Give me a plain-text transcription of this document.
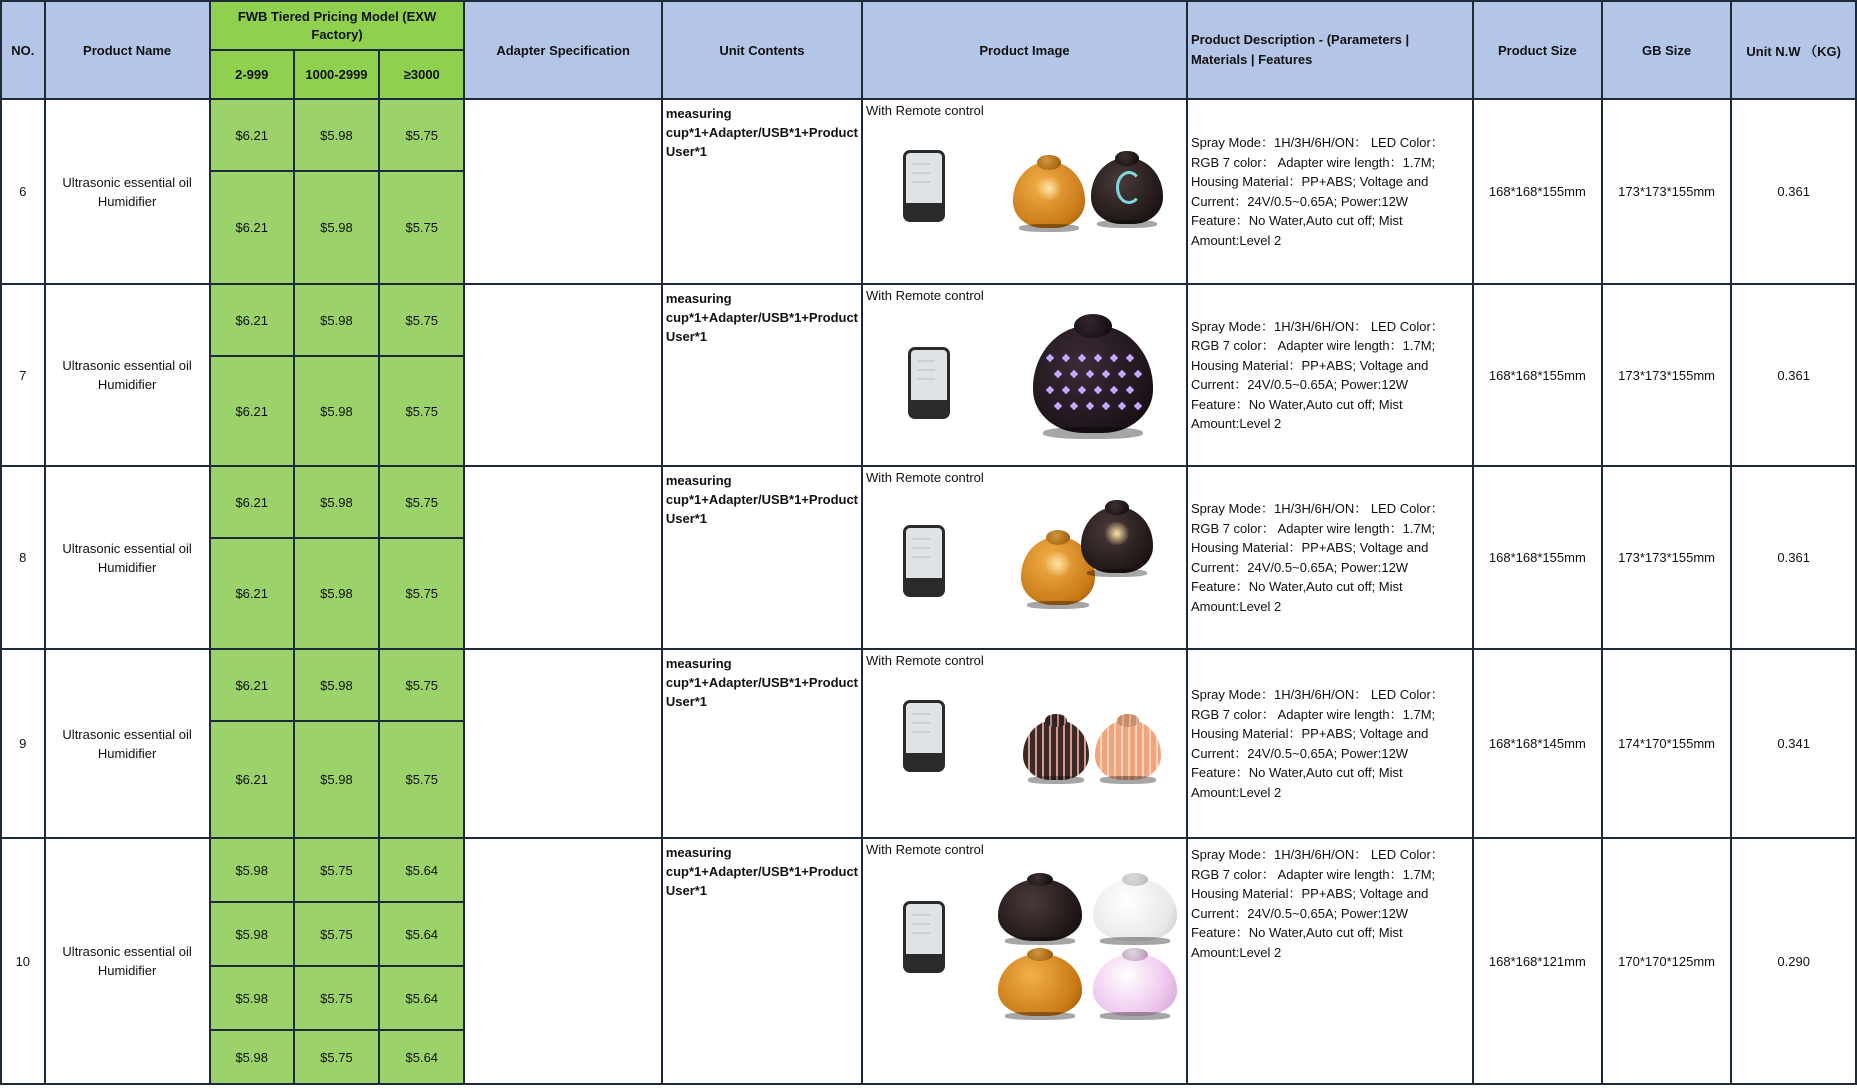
NO.	Product Name	FWB Tiered Pricing Model (EXW Factory)			Adapter Specification	Unit Contents	Product Image	Product Description - (Parameters | Materials | Features	Product Size	GB Size	Unit N.W （KG)
		2-999	1000-2999	≥3000							
6	Ultrasonic essential oil Humidifier	$6.21	$5.98	$5.75		measuring cup*1+Adapter/USB*1+Product User*1	With Remote control	Spray Mode：1H/3H/6H/ON： LED Color：RGB 7 color： Adapter wire length：1.7M; Housing Material：PP+ABS; Voltage and Current：24V/0.5~0.65A; Power:12W Feature：No Water,Auto cut off; Mist Amount:Level 2	168*168*155mm	173*173*155mm	0.361
		$6.21	$5.98	$5.75							
7	Ultrasonic essential oil Humidifier	$6.21	$5.98	$5.75		measuring cup*1+Adapter/USB*1+Product User*1	With Remote control	Spray Mode：1H/3H/6H/ON： LED Color：RGB 7 color： Adapter wire length：1.7M; Housing Material：PP+ABS; Voltage and Current：24V/0.5~0.65A; Power:12W Feature：No Water,Auto cut off; Mist Amount:Level 2	168*168*155mm	173*173*155mm	0.361
		$6.21	$5.98	$5.75							
8	Ultrasonic essential oil Humidifier	$6.21	$5.98	$5.75		measuring cup*1+Adapter/USB*1+Product User*1	With Remote control	Spray Mode：1H/3H/6H/ON： LED Color：RGB 7 color： Adapter wire length：1.7M; Housing Material：PP+ABS; Voltage and Current：24V/0.5~0.65A; Power:12W Feature：No Water,Auto cut off; Mist Amount:Level 2	168*168*155mm	173*173*155mm	0.361
		$6.21	$5.98	$5.75							
9	Ultrasonic essential oil Humidifier	$6.21	$5.98	$5.75		measuring cup*1+Adapter/USB*1+Product User*1	With Remote control	Spray Mode：1H/3H/6H/ON： LED Color：RGB 7 color： Adapter wire length：1.7M; Housing Material：PP+ABS; Voltage and Current：24V/0.5~0.65A; Power:12W Feature：No Water,Auto cut off; Mist Amount:Level 2	168*168*145mm	174*170*155mm	0.341
		$6.21	$5.98	$5.75							
10	Ultrasonic essential oil Humidifier	$5.98	$5.75	$5.64		measuring cup*1+Adapter/USB*1+Product User*1	With Remote control	Spray Mode：1H/3H/6H/ON： LED Color：RGB 7 color： Adapter wire length：1.7M; Housing Material：PP+ABS; Voltage and Current：24V/0.5~0.65A; Power:12W Feature：No Water,Auto cut off; Mist Amount:Level 2	168*168*121mm	170*170*125mm	0.290
		$5.98	$5.75	$5.64							
		$5.98	$5.75	$5.64							
		$5.98	$5.75	$5.64							
